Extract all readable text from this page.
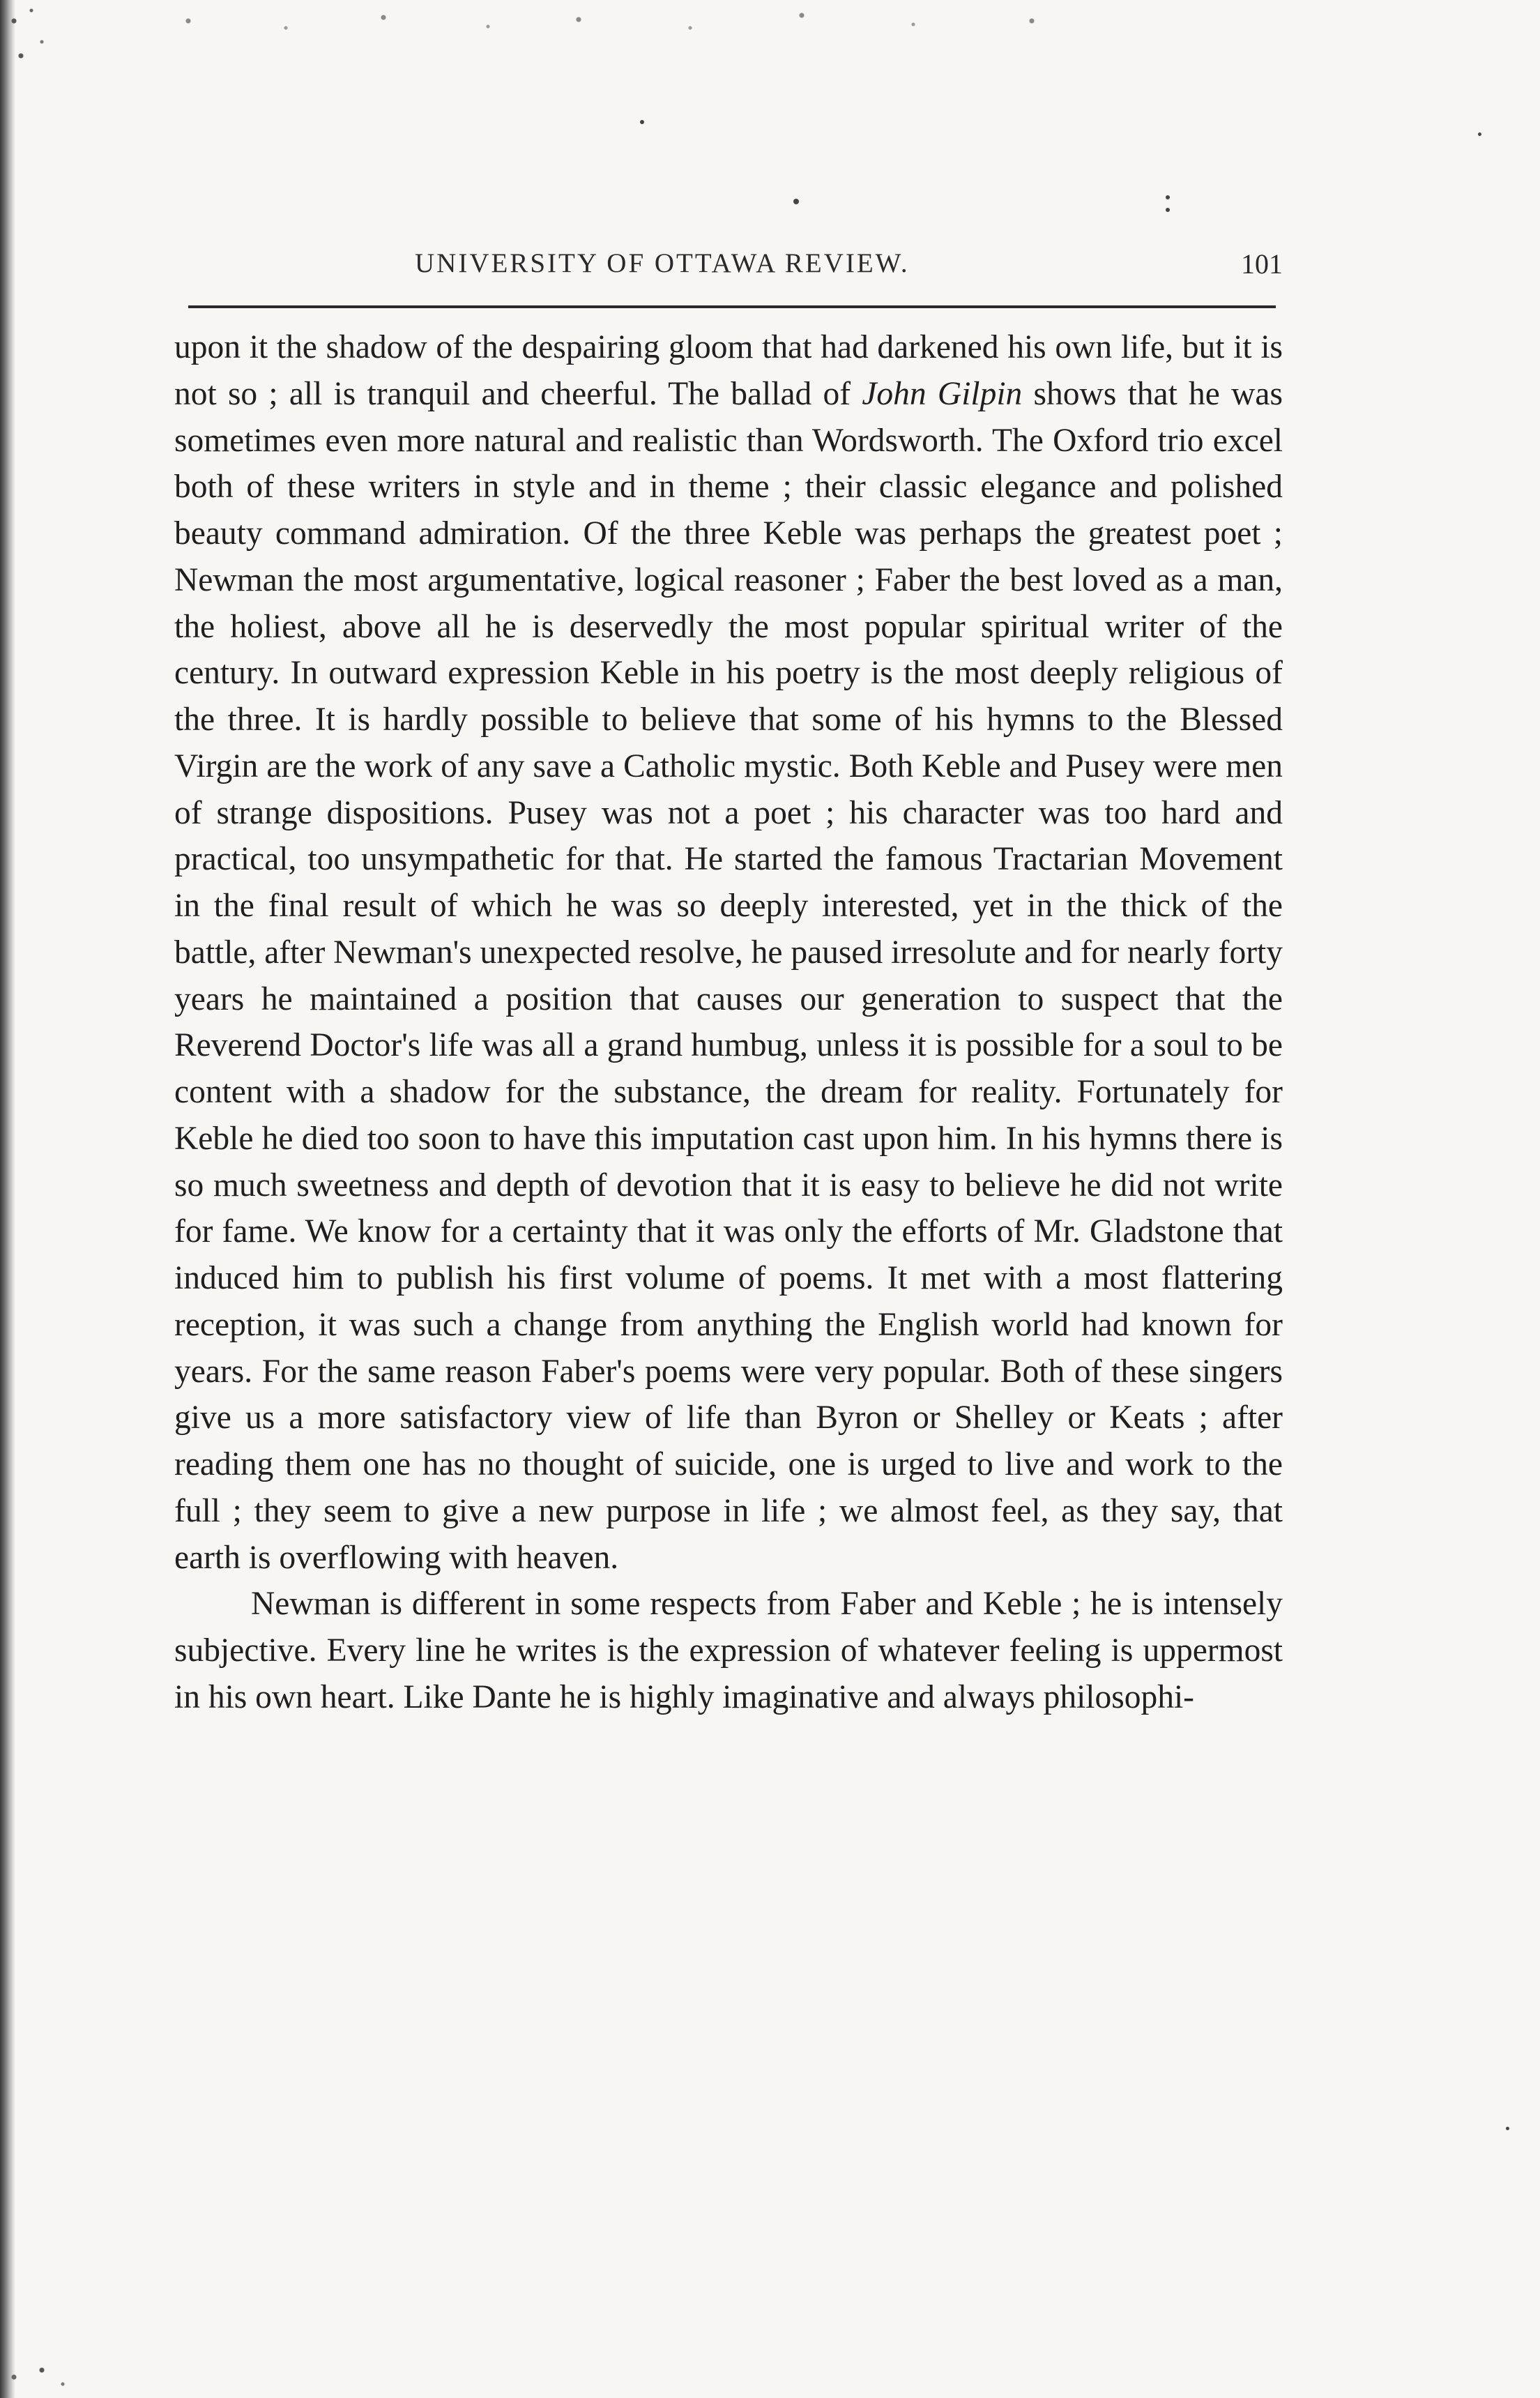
UNIVERSITY OF OTTAWA REVIEW.	101

upon it the shadow of the despairing gloom that had darkened his own life, but it is not so ; all is tranquil and cheerful. The ballad of John Gilpin shows that he was sometimes even more natural and realistic than Wordsworth. The Oxford trio excel both of these writers in style and in theme ; their classic elegance and polished beauty command admiration. Of the three Keble was perhaps the greatest poet ; Newman the most argumentative, logical reasoner ; Faber the best loved as a man, the holiest, above all he is deservedly the most popular spiritual writer of the century. In outward expression Keble in his poetry is the most deeply religious of the three. It is hardly possible to believe that some of his hymns to the Blessed Virgin are the work of any save a Catholic mystic. Both Keble and Pusey were men of strange dispositions. Pusey was not a poet ; his character was too hard and practical, too unsympathetic for that. He started the famous Tractarian Movement in the final result of which he was so deeply interested, yet in the thick of the battle, after Newman's unexpected resolve, he paused irresolute and for nearly forty years he maintained a position that causes our generation to suspect that the Reverend Doctor's life was all a grand humbug, unless it is possible for a soul to be content with a shadow for the substance, the dream for reality. Fortunately for Keble he died too soon to have this imputation cast upon him. In his hymns there is so much sweetness and depth of devotion that it is easy to believe he did not write for fame. We know for a certainty that it was only the efforts of Mr. Gladstone that induced him to publish his first volume of poems. It met with a most flattering reception, it was such a change from anything the English world had known for years. For the same reason Faber's poems were very popular. Both of these singers give us a more satisfactory view of life than Byron or Shelley or Keats ; after reading them one has no thought of suicide, one is urged to live and work to the full ; they seem to give a new purpose in life ; we almost feel, as they say, that earth is overflowing with heaven.

Newman is different in some respects from Faber and Keble ; he is intensely subjective. Every line he writes is the expression of whatever feeling is uppermost in his own heart. Like Dante he is highly imaginative and always philosophi-
